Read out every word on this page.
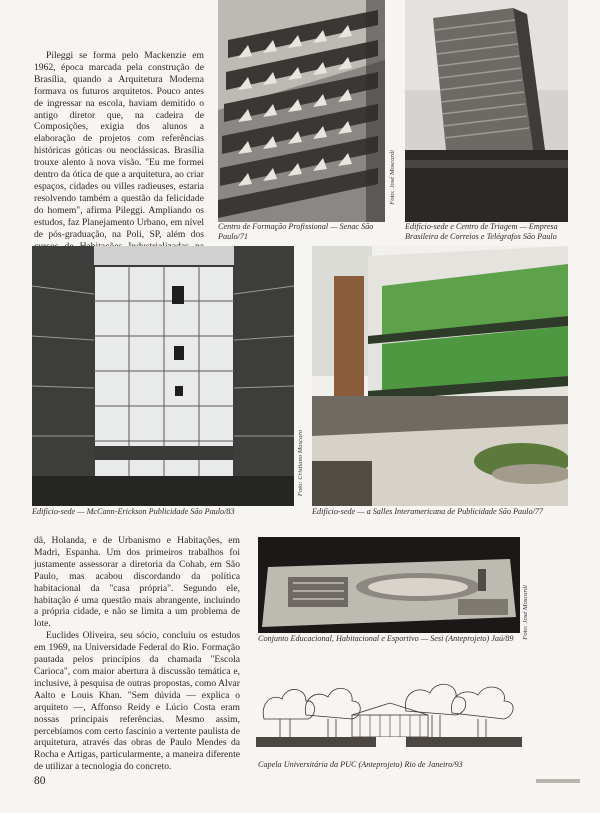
Foto: José Moscardi
Centro de Formação Profissional — Senac São Paulo/71
Edifício-sede e Centro de Triagem — Empresa Brasileira de Correios e Telégrafos São Paulo

Pileggi se forma pelo Mackenzie em 1962, época marcada pela construção de Brasília, quando a Arquitetura Moderna formava os futuros arquitetos. Pouco antes de ingressar na escola, haviam demitido o antigo diretor que, na cadeira de Composições, exigia dos alunos a elaboração de projetos com referências históricas góticas ou neoclássicas. Brasília trouxe alento à nova visão. "Eu me formei dentro da ótica de que a arquitetura, ao criar espaços, cidades ou villes radieuses, estaria resolvendo também a questão da felicidade do homem", afirma Pileggi. Ampliando os estudos, faz Planejamento Urbano, em nível de pós-graduação, na Poli, SP, além dos

Foto: Cristiano Mascaro
Edifício-sede — McCann-Erickson Publicidade São Paulo/83	Edifício-sede — a Salles Interamericana de Publicidade São Paulo/77

dã, Holanda, e de Urbanismo e Habitações, em Madri, Espanha. Um dos primeiros trabalhos foi justamente assessorar a diretoria da Cohab, em São Paulo, mas acabou discordando da política habitacional da "casa própria". Segundo ele, habitação é uma questão mais abrangente, incluindo a própria cidade, e não se limita a um problema de lote.

Euclides Oliveira, seu sócio, concluiu os estudos em 1969, na Universidade Federal do Rio. Formação pautada pelos princípios da chamada "Escola Carioca", com maior abertura à discussão temática e, inclusive, à pesquisa de outras propostas, como Alvar Aalto e Louis Khan. "Sem dúvida — explica o arquiteto —, Affonso Reidy e Lúcio Costa eram nossas principais referências. Mesmo assim, percebíamos com certo fascínio a vertente paulista de arquitetura, através das obras de Paulo Mendes da Rocha e Artigas, particularmente, a maneira diferente de utilizar a tecnologia do concreto.

Foto: José Moscardi
Conjunto Educacional, Habitacional e Esportivo — Sesi (Anteprojeto) Jaú/89
Capela Universitária da PUC (Anteprojeto) Rio de Janeiro/93
80
